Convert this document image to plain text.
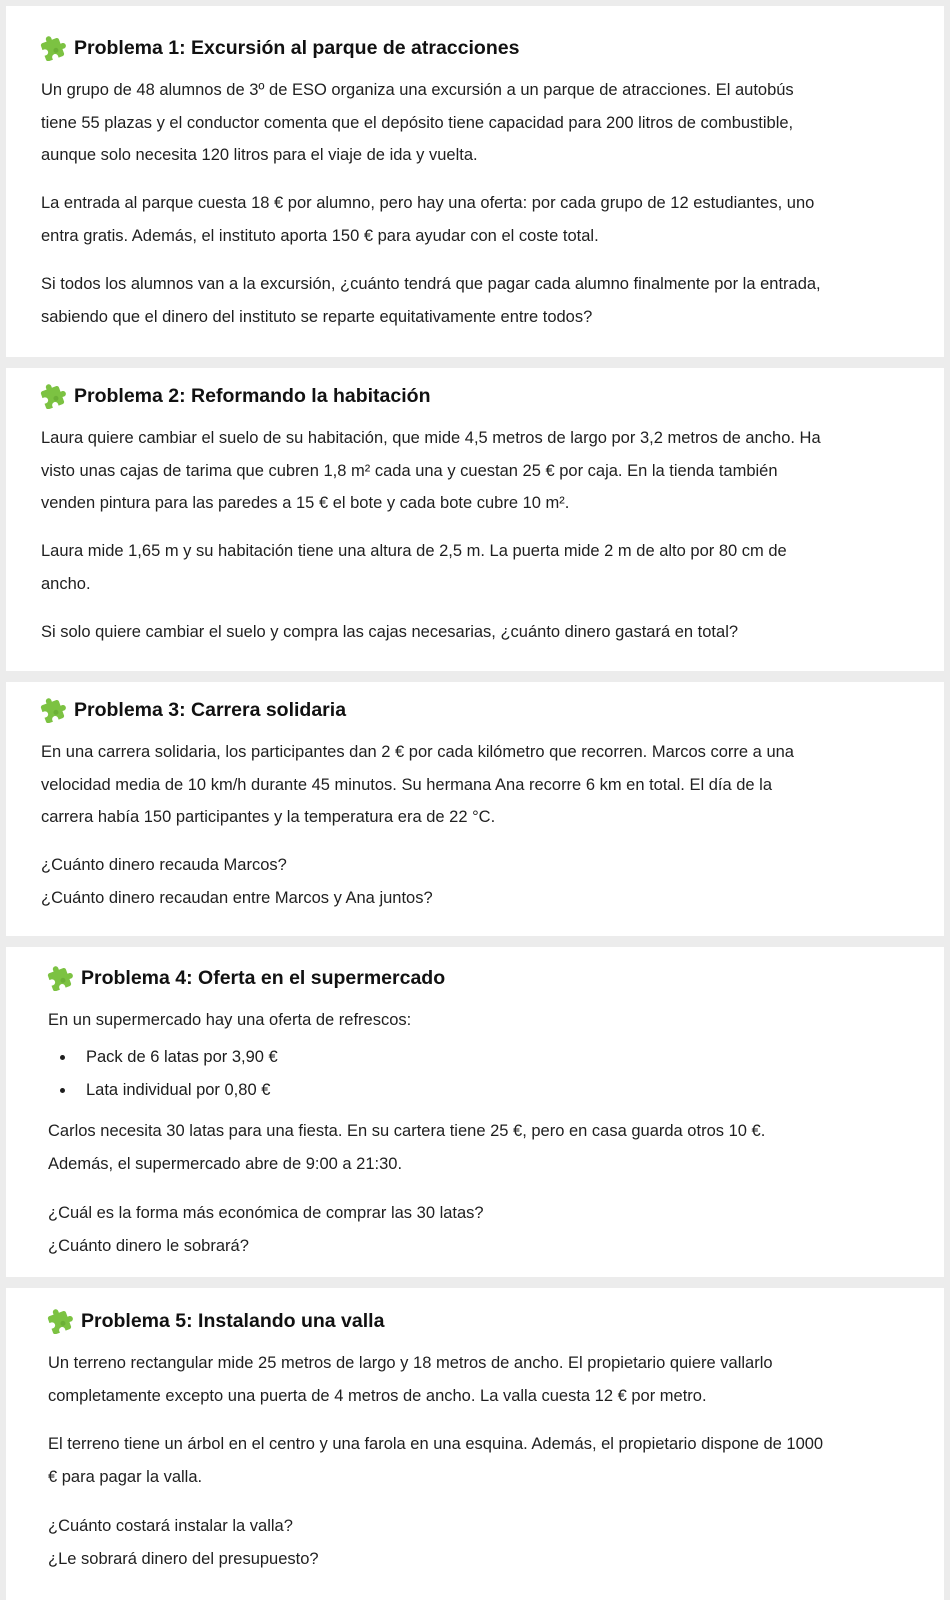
Problema 1: Excursión al parque de atracciones

Un grupo de 48 alumnos de 3º de ESO organiza una excursión a un parque de atracciones. El autobús
tiene 55 plazas y el conductor comenta que el depósito tiene capacidad para 200 litros de combustible,
aunque solo necesita 120 litros para el viaje de ida y vuelta.

La entrada al parque cuesta 18 € por alumno, pero hay una oferta: por cada grupo de 12 estudiantes, uno
entra gratis. Además, el instituto aporta 150 € para ayudar con el coste total.

Si todos los alumnos van a la excursión, ¿cuánto tendrá que pagar cada alumno finalmente por la entrada,
sabiendo que el dinero del instituto se reparte equitativamente entre todos?

Problema 2: Reformando la habitación

Laura quiere cambiar el suelo de su habitación, que mide 4,5 metros de largo por 3,2 metros de ancho. Ha
visto unas cajas de tarima que cubren 1,8 m² cada una y cuestan 25 € por caja. En la tienda también
venden pintura para las paredes a 15 € el bote y cada bote cubre 10 m².

Laura mide 1,65 m y su habitación tiene una altura de 2,5 m. La puerta mide 2 m de alto por 80 cm de
ancho.

Si solo quiere cambiar el suelo y compra las cajas necesarias, ¿cuánto dinero gastará en total?

Problema 3: Carrera solidaria

En una carrera solidaria, los participantes dan 2 € por cada kilómetro que recorren. Marcos corre a una
velocidad media de 10 km/h durante 45 minutos. Su hermana Ana recorre 6 km en total. El día de la
carrera había 150 participantes y la temperatura era de 22 °C.

¿Cuánto dinero recauda Marcos?
¿Cuánto dinero recaudan entre Marcos y Ana juntos?

Problema 4: Oferta en el supermercado

En un supermercado hay una oferta de refrescos:

Pack de 6 latas por 3,90 €
Lata individual por 0,80 €

Carlos necesita 30 latas para una fiesta. En su cartera tiene 25 €, pero en casa guarda otros 10 €.
Además, el supermercado abre de 9:00 a 21:30.

¿Cuál es la forma más económica de comprar las 30 latas?
¿Cuánto dinero le sobrará?

Problema 5: Instalando una valla

Un terreno rectangular mide 25 metros de largo y 18 metros de ancho. El propietario quiere vallarlo
completamente excepto una puerta de 4 metros de ancho. La valla cuesta 12 € por metro.

El terreno tiene un árbol en el centro y una farola en una esquina. Además, el propietario dispone de 1000
€ para pagar la valla.

¿Cuánto costará instalar la valla?
¿Le sobrará dinero del presupuesto?
